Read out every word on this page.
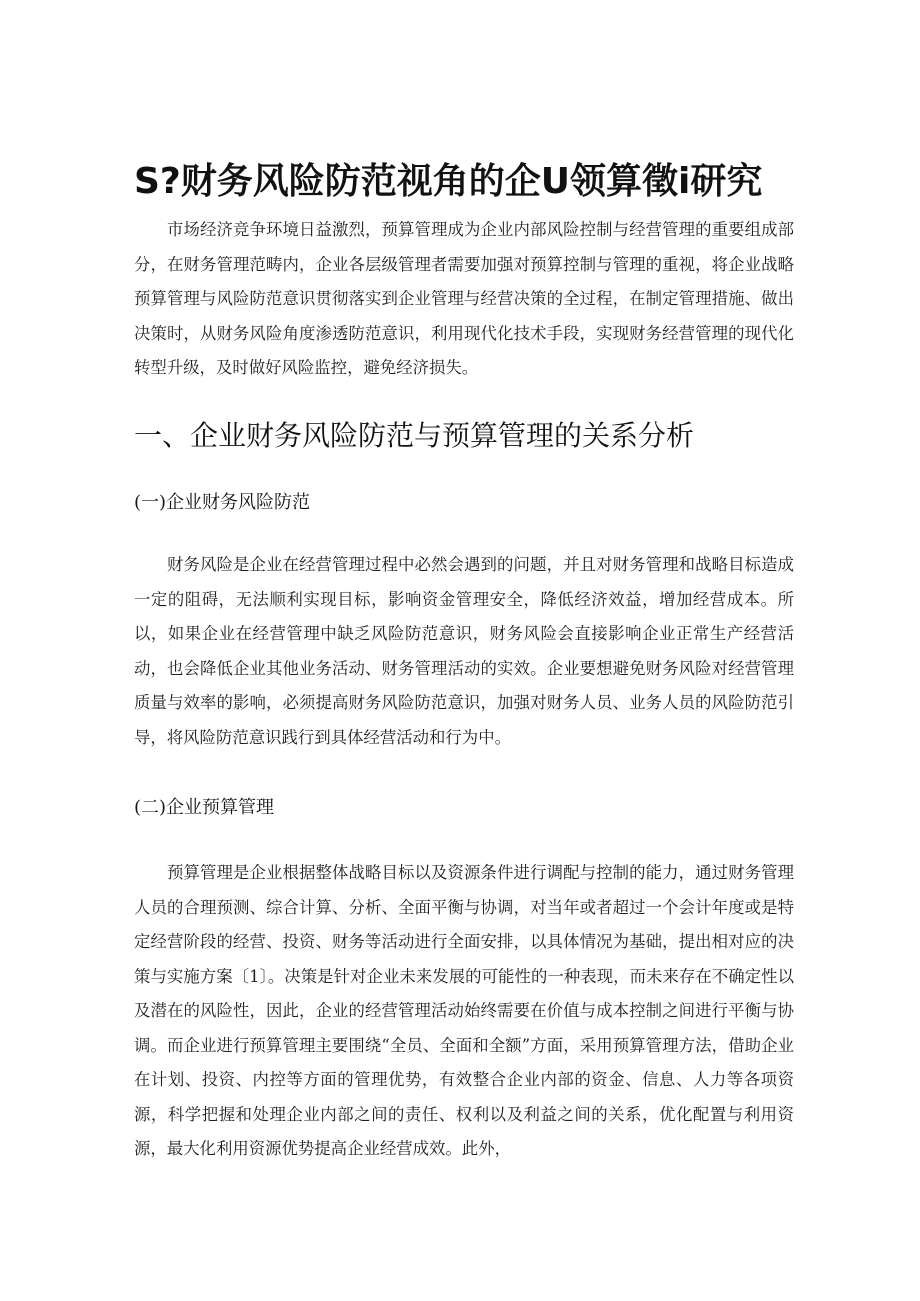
S?财务风险防范视角的企U领算徵i研究

市场经济竞争环境日益激烈，预算管理成为企业内部风险控制与经营管理的重要组成部分，在财务管理范畴内，企业各层级管理者需要加强对预算控制与管理的重视，将企业战略预算管理与风险防范意识贯彻落实到企业管理与经营决策的全过程，在制定管理措施、做出决策时，从财务风险角度渗透防范意识，利用现代化技术手段，实现财务经营管理的现代化转型升级，及时做好风险监控，避免经济损失。

一、企业财务风险防范与预算管理的关系分析
(一)企业财务风险防范

财务风险是企业在经营管理过程中必然会遇到的问题，并且对财务管理和战略目标造成一定的阻碍，无法顺利实现目标，影响资金管理安全，降低经济效益，增加经营成本。所以，如果企业在经营管理中缺乏风险防范意识，财务风险会直接影响企业正常生产经营活动，也会降低企业其他业务活动、财务管理活动的实效。企业要想避免财务风险对经营管理质量与效率的影响，必须提高财务风险防范意识，加强对财务人员、业务人员的风险防范引导，将风险防范意识践行到具体经营活动和行为中。

(二)企业预算管理

预算管理是企业根据整体战略目标以及资源条件进行调配与控制的能力，通过财务管理人员的合理预测、综合计算、分析、全面平衡与协调，对当年或者超过一个会计年度或是特定经营阶段的经营、投资、财务等活动进行全面安排，以具体情况为基础，提出相对应的决策与实施方案〔1〕。决策是针对企业未来发展的可能性的一种表现，而未来存在不确定性以及潜在的风险性，因此，企业的经营管理活动始终需要在价值与成本控制之间进行平衡与协调。而企业进行预算管理主要围绕“全员、全面和全额”方面，采用预算管理方法，借助企业在计划、投资、内控等方面的管理优势，有效整合企业内部的资金、信息、人力等各项资源，科学把握和处理企业内部之间的责任、权利以及利益之间的关系，优化配置与利用资源，最大化利用资源优势提高企业经营成效。此外，
